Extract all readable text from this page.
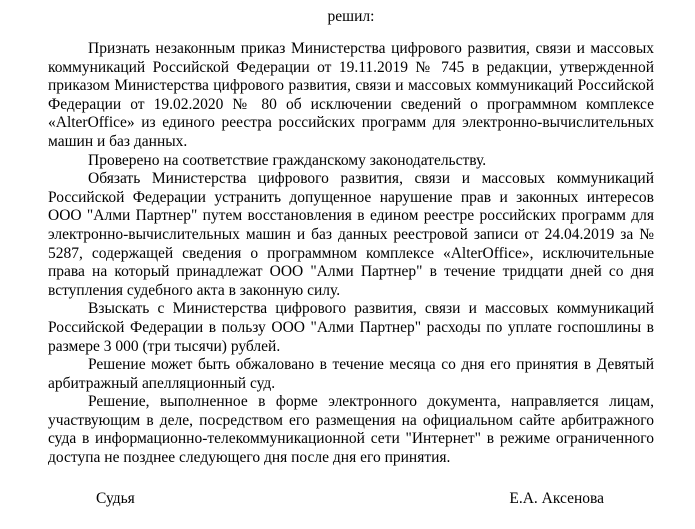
решил:

Признать незаконным приказ Министерства цифрового развития, связи и массовых коммуникаций Российской Федерации от 19.11.2019 № 745 в редакции, утвержденной приказом Министерства цифрового развития, связи и массовых коммуникаций Российской Федерации от 19.02.2020 № 80 об исключении сведений о программном комплексе «AlterOffice» из единого реестра российских программ для электронно-вычислительных машин и баз данных.

Проверено на соответствие гражданскому законодательству.

Обязать Министерства цифрового развития, связи и массовых коммуникаций Российской Федерации устранить допущенное нарушение прав и законных интересов ООО "Алми Партнер" путем восстановления в едином реестре российских программ для электронно-вычислительных машин и баз данных реестровой записи от 24.04.2019 за № 5287, содержащей сведения о программном комплексе «AlterOffice», исключительные права на который принадлежат ООО "Алми Партнер" в течение тридцати дней со дня вступления судебного акта в законную силу.

Взыскать с Министерства цифрового развития, связи и массовых коммуникаций Российской Федерации в пользу ООО "Алми Партнер" расходы по уплате госпошлины в размере 3 000 (три тысячи) рублей.

Решение может быть обжаловано в течение месяца со дня его принятия в Девятый арбитражный апелляционный суд.

Решение, выполненное в форме электронного документа, направляется лицам, участвующим в деле, посредством его размещения на официальном сайте арбитражного суда в информационно-телекоммуникационной сети "Интернет" в режиме ограниченного доступа не позднее следующего дня после дня его принятия.

Судья	Е.А. Аксенова
